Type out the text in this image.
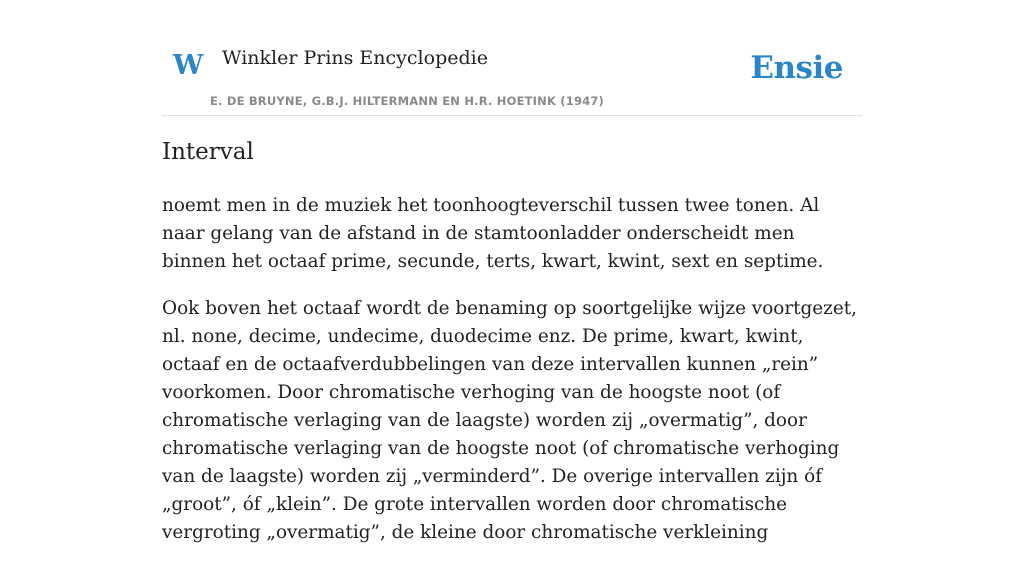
W Winkler Prins Encyclopedie
E. DE BRUYNE, G.B.J. HILTERMANN EN H.R. HOETINK (1947)
Ensie
Interval

noemt men in de muziek het toonhoogteverschil tussen twee tonen. Al naar gelang van de afstand in de stamtoonladder onderscheidt men binnen het octaaf prime, secunde, terts, kwart, kwint, sext en septime.

Ook boven het octaaf wordt de benaming op soortgelijke wijze voortgezet, nl. none, decime, undecime, duodecime enz. De prime, kwart, kwint, octaaf en de octaafverdubbelingen van deze intervallen kunnen „rein” voorkomen. Door chromatische verhoging van de hoogste noot (of chromatische verlaging van de laagste) worden zij „overmatig”, door chromatische verlaging van de hoogste noot (of chromatische verhoging van de laagste) worden zij „verminderd”. De overige intervallen zijn óf „groot”, óf „klein”. De grote intervallen worden door chromatische vergroting „overmatig”, de kleine door chromatische verkleining
